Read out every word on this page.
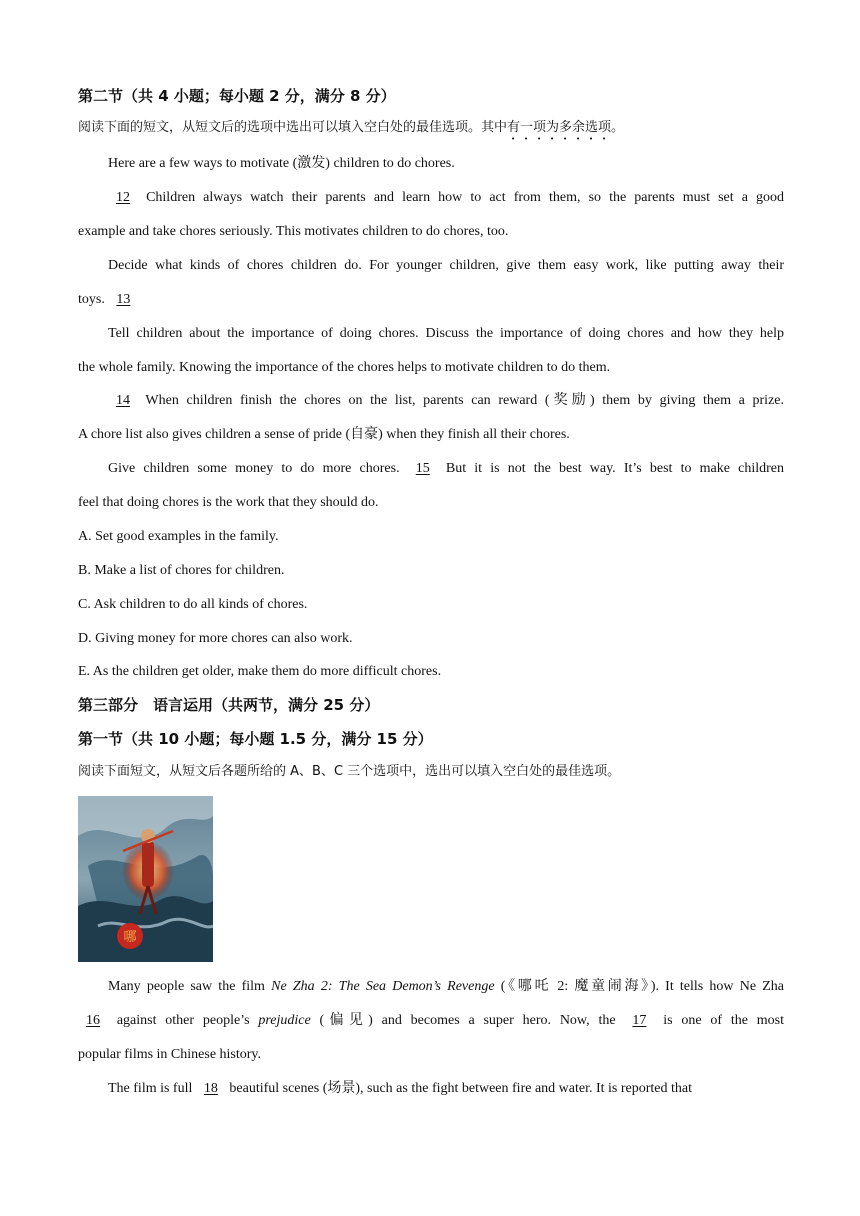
第二节（共 4 小题；每小题 2 分，满分 8 分）
阅读下面的短文，从短文后的选项中选出可以填入空白处的最佳选项。其中有一项为多余选项。
Here are a few ways to motivate (激发) children to do chores.
12 Children always watch their parents and learn how to act from them, so the parents must set a good
example and take chores seriously. This motivates children to do chores, too.
Decide what kinds of chores children do. For younger children, give them easy work, like putting away their
toys. 13
Tell children about the importance of doing chores. Discuss the importance of doing chores and how they help
the whole family. Knowing the importance of the chores helps to motivate children to do them.
14 When children finish the chores on the list, parents can reward (奖励) them by giving them a prize.
A chore list also gives children a sense of pride (自豪) when they finish all their chores.
Give children some money to do more chores. 15 But it is not the best way. It’s best to make children
feel that doing chores is the work that they should do.
A. Set good examples in the family.
B. Make a list of chores for children.
C. Ask children to do all kinds of chores.
D. Giving money for more chores can also work.
E. As the children get older, make them do more difficult chores.
第三部分　语言运用（共两节，满分 25 分）
第一节（共 10 小题；每小题 1.5 分，满分 15 分）
阅读下面短文，从短文后各题所给的 A、B、C 三个选项中，选出可以填入空白处的最佳选项。
哪
Many people saw the film Ne Zha 2: The Sea Demon’s Revenge (《哪吒 2: 魔童闹海》). It tells how Ne Zha
16 against other people’s prejudice (偏见) and becomes a super hero. Now, the 17 is one of the most
popular films in Chinese history.
The film is full 18 beautiful scenes (场景), such as the fight between fire and water. It is reported that
